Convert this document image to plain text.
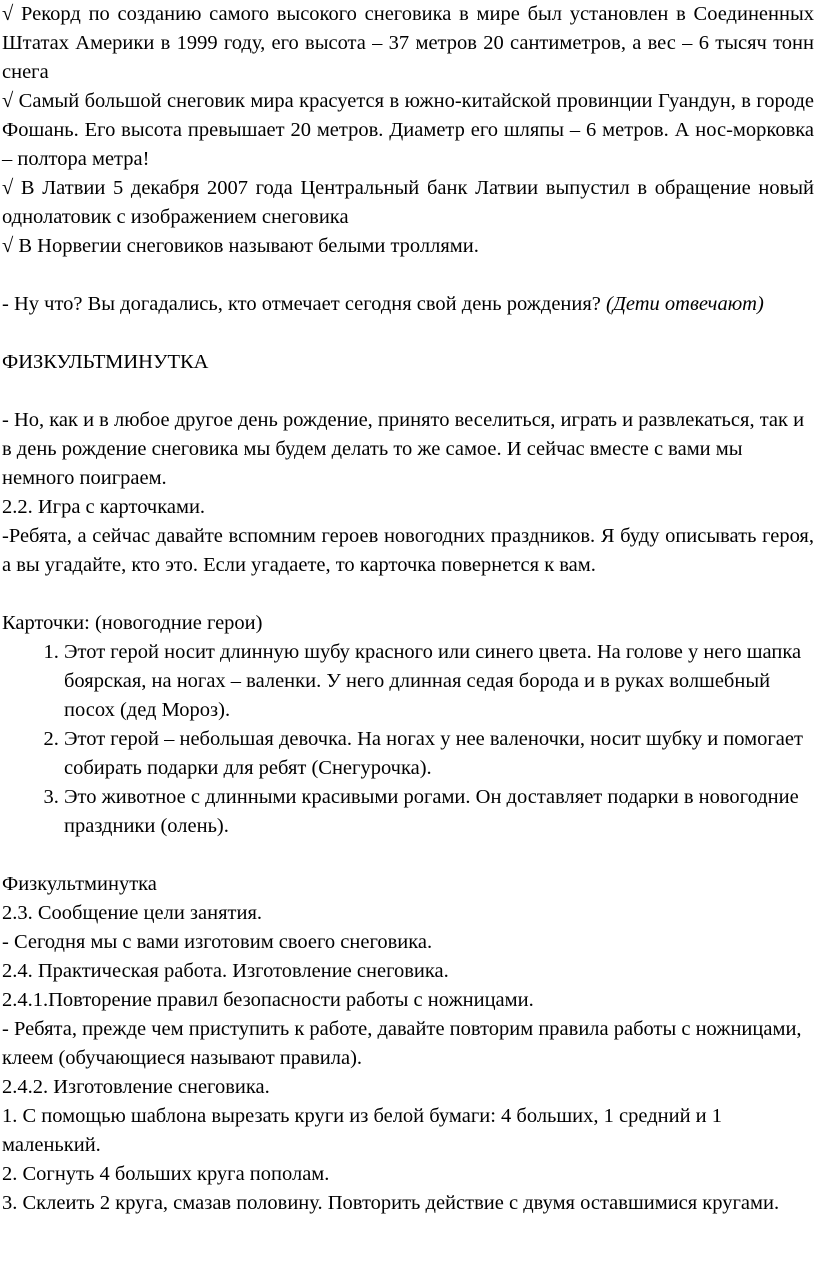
√ Рекорд по созданию самого высокого снеговика в мире был установлен в Соединенных Штатах Америки в 1999 году, его высота – 37 метров 20 сантиметров, а вес – 6 тысяч тонн снега

√ Самый большой снеговик мира красуется в южно-китайской провинции Гуандун, в городе Фошань. Его высота превышает 20 метров. Диаметр его шляпы – 6 метров. А нос-морковка – полтора метра!

√ В Латвии 5 декабря 2007 года Центральный банк Латвии выпустил в обращение новый однолатовик с изображением снеговика

√ В Норвегии снеговиков называют белыми троллями.

- Ну что? Вы догадались, кто отмечает сегодня свой день рождения? (Дети отвечают)

ФИЗКУЛЬТМИНУТКА

- Но, как и в любое другое день рождение, принято веселиться, играть и развлекаться, так и в день рождение снеговика мы будем делать то же самое. И сейчас вместе с вами мы немного поиграем.

2.2. Игра с карточками.

-Ребята, а сейчас давайте вспомним героев новогодних праздников. Я буду описывать героя, а вы угадайте, кто это. Если угадаете, то карточка повернется к вам.

Карточки: (новогодние герои)

1. Этот герой носит длинную шубу красного или синего цвета. На голове у него шапка боярская, на ногах – валенки. У него длинная седая борода и в руках волшебный посох (дед Мороз).
2. Этот герой – небольшая девочка. На ногах у нее валеночки, носит шубку и помогает собирать подарки для ребят (Снегурочка).
3. Это животное с длинными красивыми рогами. Он доставляет подарки в новогодние праздники (олень).

Физкультминутка

2.3. Сообщение цели занятия.

- Сегодня мы с вами изготовим своего снеговика.

2.4. Практическая работа. Изготовление снеговика.

2.4.1.Повторение правил безопасности работы с ножницами.

- Ребята, прежде чем приступить к работе, давайте повторим правила работы с ножницами, клеем (обучающиеся называют правила).

2.4.2. Изготовление снеговика.

1. С помощью шаблона вырезать круги из белой бумаги: 4 больших, 1 средний и 1 маленький.

2. Согнуть 4 больших круга пополам.

3. Склеить 2 круга, смазав половину. Повторить действие с двумя оставшимися кругами.
